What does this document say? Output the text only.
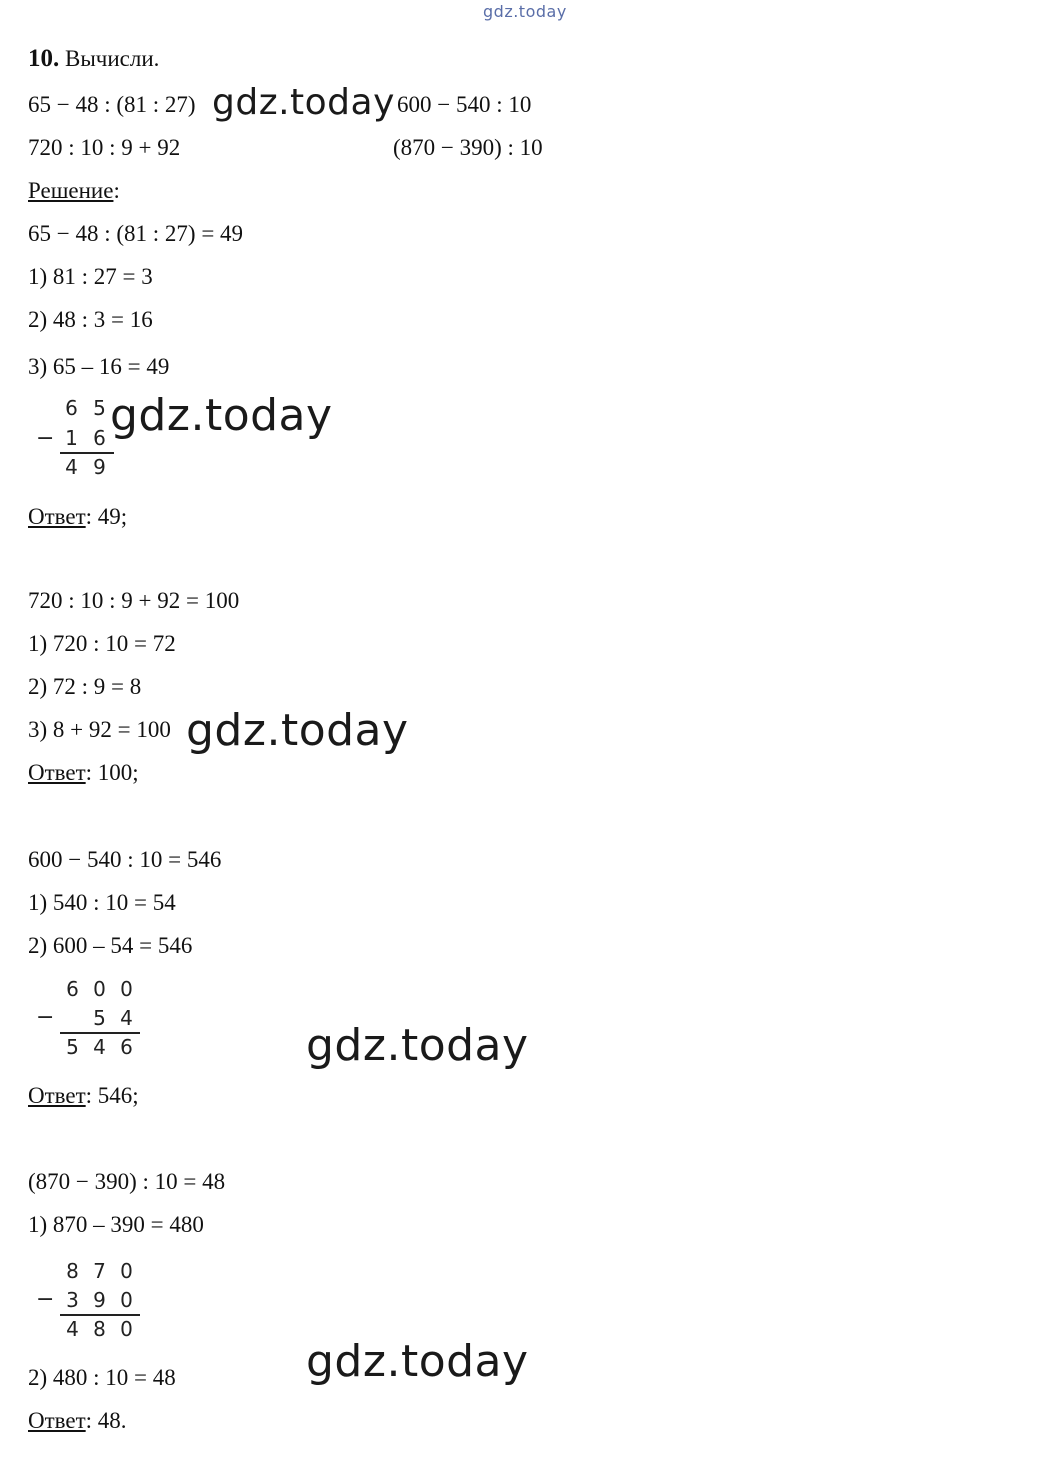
gdz.today
10. Вычисли.
65 − 48 : (81 : 27) gdz.today 600 − 540 : 10
720 : 10 : 9 + 92	(870 − 390) : 10
Решение:
65 − 48 : (81 : 27) = 49
1) 81 : 27 = 3
2) 48 : 3 = 16
3) 65 – 16 = 49
−
6 5
1 6
4 9
gdz.today
Ответ: 49;
720 : 10 : 9 + 92 = 100
1) 720 : 10 = 72
2) 72 : 9 = 8
3) 8 + 92 = 100 gdz.today
Ответ: 100;
600 − 540 : 10 = 546
1) 540 : 10 = 54
2) 600 – 54 = 546
−
6 0 0
5 4
5 4 6	gdz.today
Ответ: 546;
(870 − 390) : 10 = 48
1) 870 – 390 = 480
−
8 7 0
3 9 0
4 8 0
gdz.today
2) 480 : 10 = 48
Ответ: 48.
